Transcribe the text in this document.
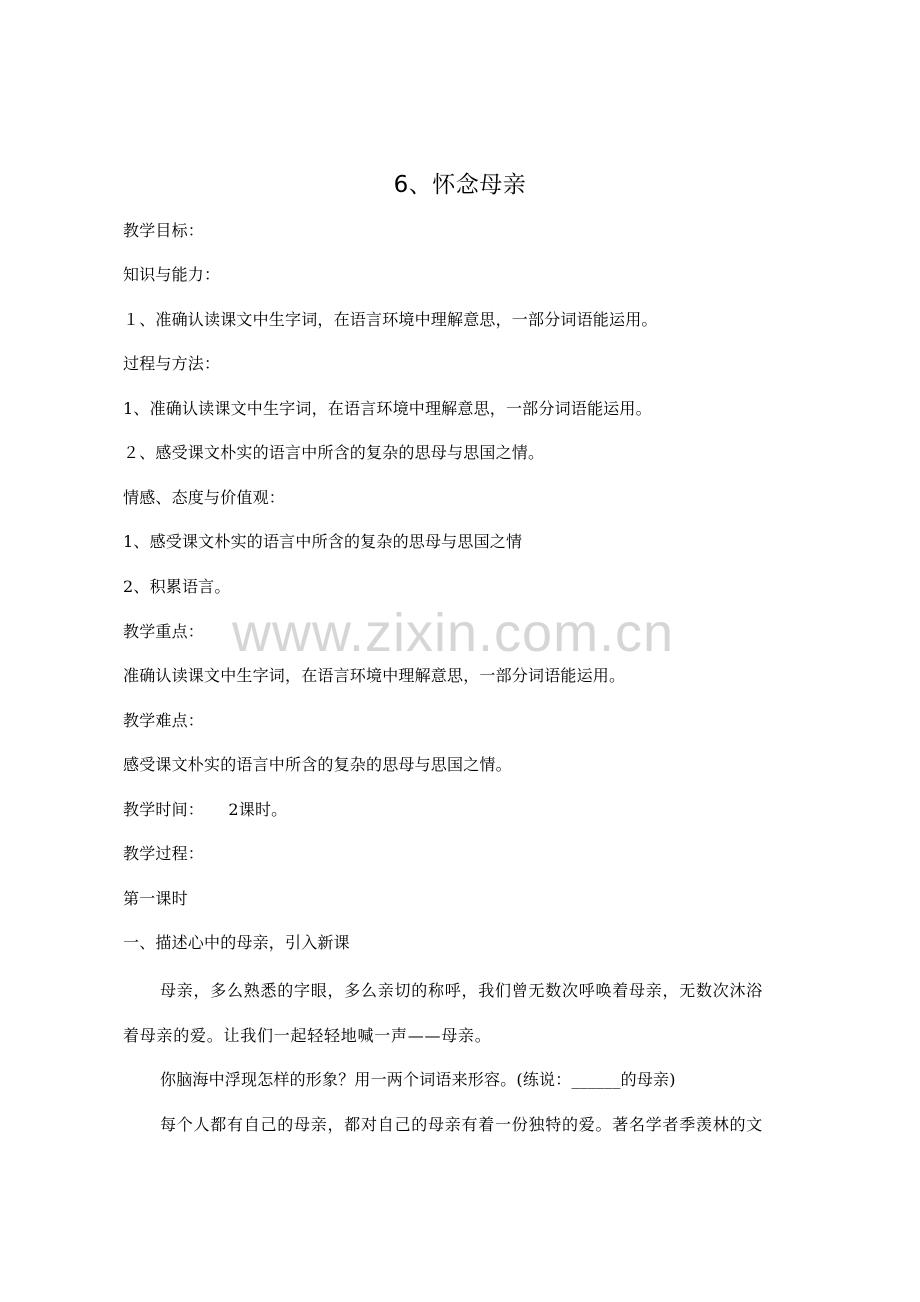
6、怀念母亲
教学目标：
知识与能力：
１、准确认读课文中生字词，在语言环境中理解意思，一部分词语能运用。
过程与方法：
1、准确认读课文中生字词，在语言环境中理解意思，一部分词语能运用。
２、感受课文朴实的语言中所含的复杂的思母与思国之情。
情感、态度与价值观：
1、感受课文朴实的语言中所含的复杂的思母与思国之情
2、积累语言。
教学重点：
准确认读课文中生字词，在语言环境中理解意思，一部分词语能运用。
教学难点：
感受课文朴实的语言中所含的复杂的思母与思国之情。
教学时间：　　2课时。
教学过程：
第一课时
一、描述心中的母亲，引入新课
母亲，多么熟悉的字眼，多么亲切的称呼，我们曾无数次呼唤着母亲，无数次沐浴
着母亲的爱。让我们一起轻轻地喊一声——母亲。
你脑海中浮现怎样的形象？用一两个词语来形容。(练说：______的母亲)
每个人都有自己的母亲，都对自己的母亲有着一份独特的爱。著名学者季羡林的文
www.zixin.com.cn
